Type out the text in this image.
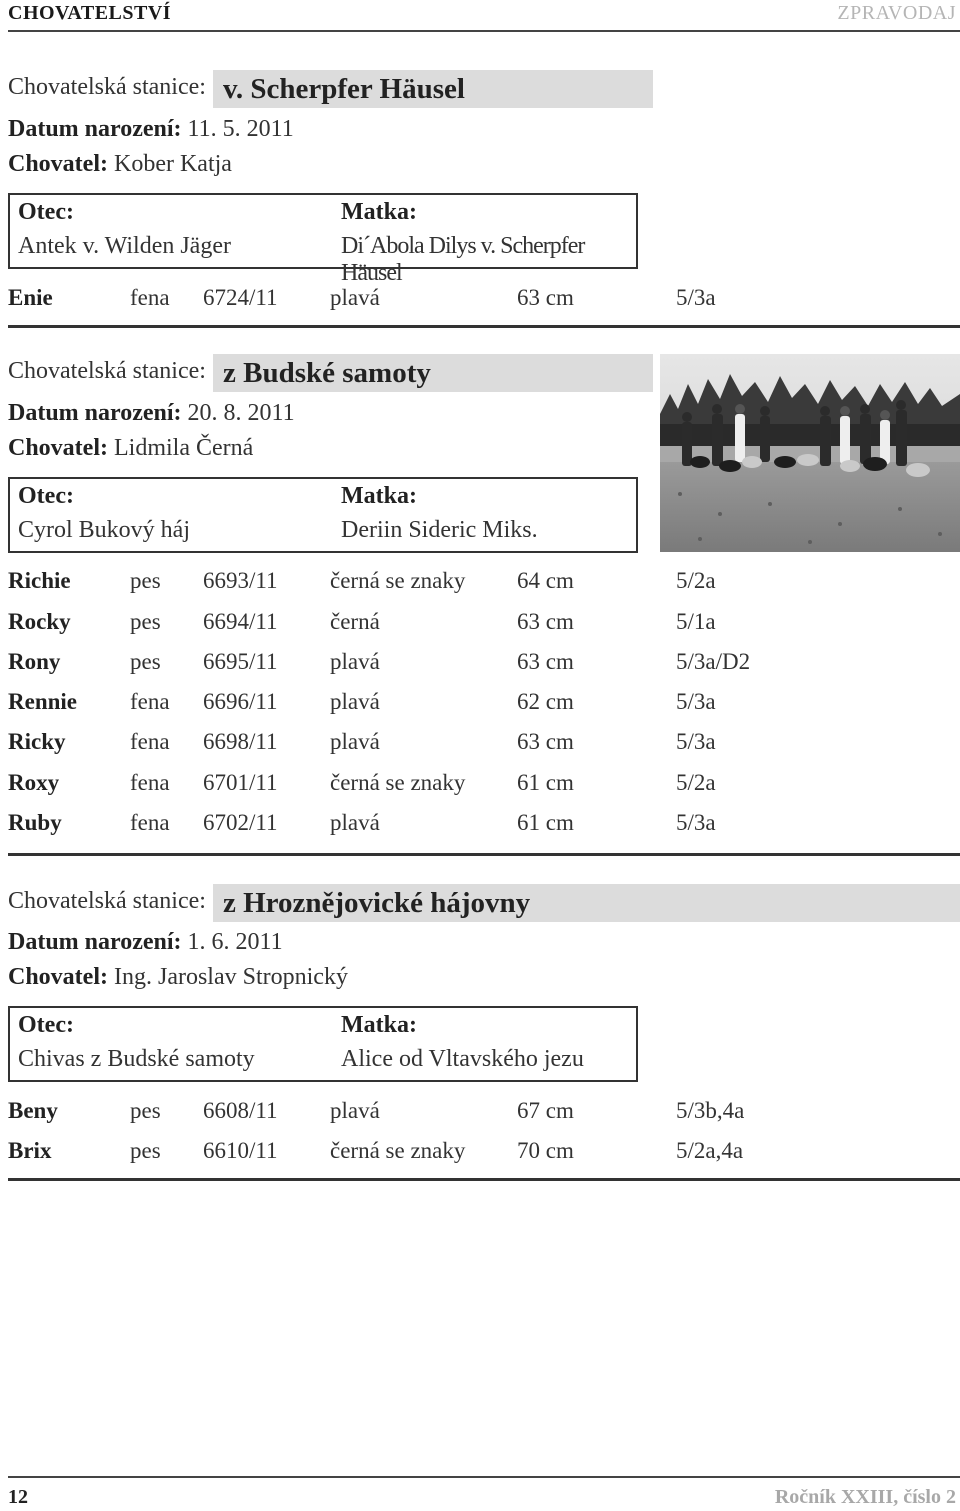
CHOVATELSTVÍ	ZPRAVODAJ
Chovatelská stanice: v. Scherpfer Häusel
Datum narození: 11. 5. 2011
Chovatel: Kober Katja
Otec:	Matka:
Antek v. Wilden Jäger	Di´Abola Dilys v. Scherpfer Häusel
Enie	fena 6724/11 plavá	63 cm	5/3a
Chovatelská stanice: z Budské samoty
Datum narození: 20. 8. 2011
Chovatel: Lidmila Černá
Otec:	Matka:
Cyrol Bukový háj	Deriin Sideric Miks.
Richie	pes 6693/11 černá se znaky 64 cm	5/2a
Rocky	pes 6694/11 černá	63 cm	5/1a
Rony	pes 6695/11 plavá	63 cm	5/3a/D2
Rennie fena 6696/11 plavá	62 cm	5/3a
Ricky	fena 6698/11 plavá	63 cm	5/3a
Roxy	fena 6701/11 černá se znaky 61 cm	5/2a
Ruby	fena 6702/11 plavá	61 cm	5/3a
Chovatelská stanice: z Hroznějovické hájovny
Datum narození: 1. 6. 2011
Chovatel: Ing. Jaroslav Stropnický
Otec:	Matka:
Chivas z Budské samoty	Alice od Vltavského jezu
Beny	pes 6608/11 plavá	67 cm	5/3b,4a
Brix	pes 6610/11 černá se znaky 70 cm	5/2a,4a
12	Ročník XXIII, číslo 2
